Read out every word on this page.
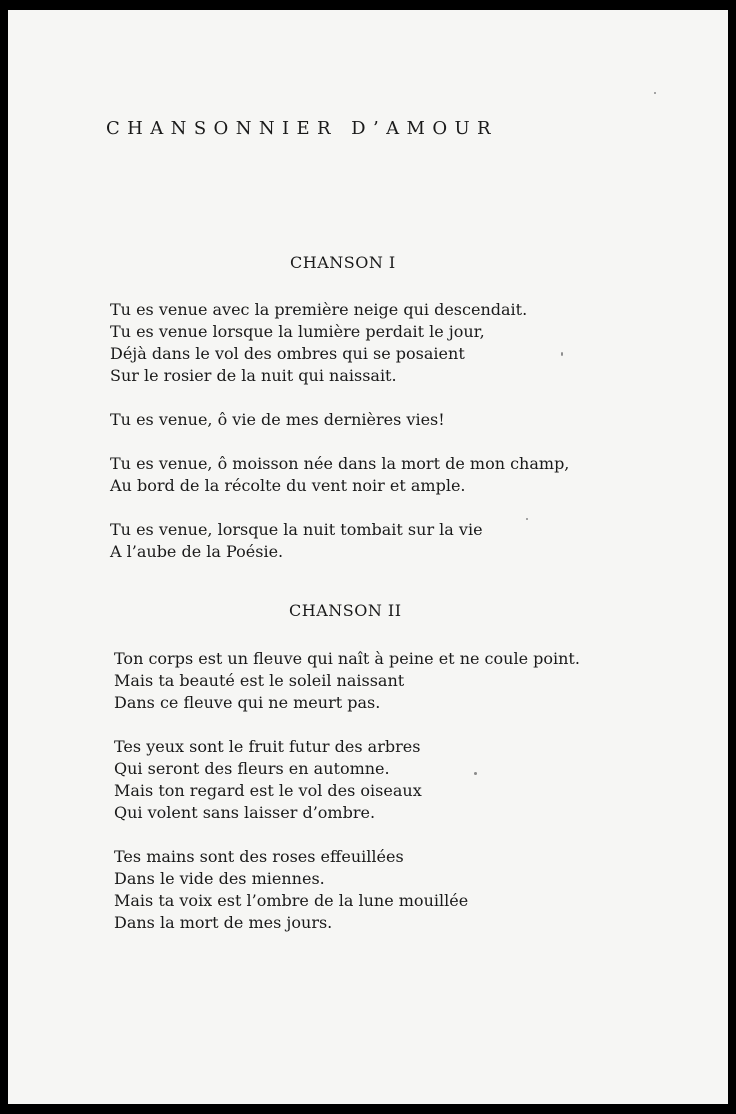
CHANSONNIER D’AMOUR
CHANSON I
Tu es venue avec la première neige qui descendait.
Tu es venue lorsque la lumière perdait le jour,
Déjà dans le vol des ombres qui se posaient
Sur le rosier de la nuit qui naissait.
Tu es venue, ô vie de mes dernières vies!
Tu es venue, ô moisson née dans la mort de mon champ,
Au bord de la récolte du vent noir et ample.
Tu es venue, lorsque la nuit tombait sur la vie
A l’aube de la Poésie.
CHANSON II
Ton corps est un fleuve qui naît à peine et ne coule point.
Mais ta beauté est le soleil naissant
Dans ce fleuve qui ne meurt pas.
Tes yeux sont le fruit futur des arbres
Qui seront des fleurs en automne.
Mais ton regard est le vol des oiseaux
Qui volent sans laisser d’ombre.
Tes mains sont des roses effeuillées
Dans le vide des miennes.
Mais ta voix est l’ombre de la lune mouillée
Dans la mort de mes jours.
